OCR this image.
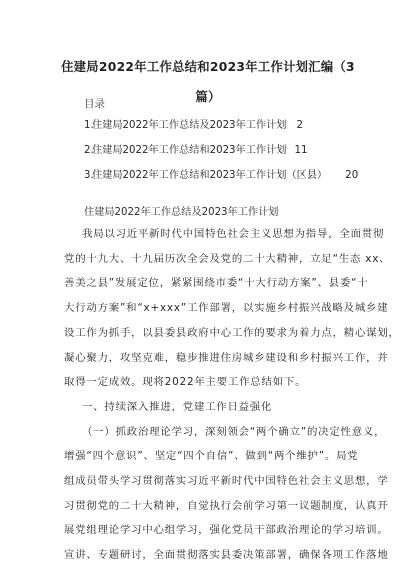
住建局2022年工作总结和2023年工作计划汇编（3
篇）
目录
1.
住建局2022年工作总结及2023年工作计划 2
2.
住建局2022年工作总结和2023年工作计划 11
3.
住建局2022年工作总结和2023年工作计划（区县） 20
住建局2022年工作总结及2023年工作计划
我局以习近平新时代中国特色社会主义思想为指导，全面贯彻
党的十九大、十九届历次全会及党的二十大精神，立足“生态 xx、
善美之县”发展定位，紧紧围绕市委“十大行动方案”、县委“十
大行动方案”和“x+xxx”工作部署，以实施乡村振兴战略及城乡建
设工作为抓手，以县委县政府中心工作的要求为着力点，精心谋划，
凝心聚力，攻坚克难，稳步推进住房城乡建设和乡村振兴工作，并
取得一定成效。现将2022年主要工作总结如下。
一、持续深入推进，党建工作日益强化
（一）抓政治理论学习，深刻领会“两个确立”的决定性意义，
增强“四个意识”、坚定“四个自信”、做到“两个维护”。局党
组成员带头学习贯彻落实习近平新时代中国特色社会主义思想，学
习贯彻党的二十大精神，自觉执行会前学习第一议题制度，认真开
展党组理论学习中心组学习，强化党员干部政治理论的学习培训。
宣讲、专题研讨，全面贯彻落实县委决策部署，确保各项工作落地
